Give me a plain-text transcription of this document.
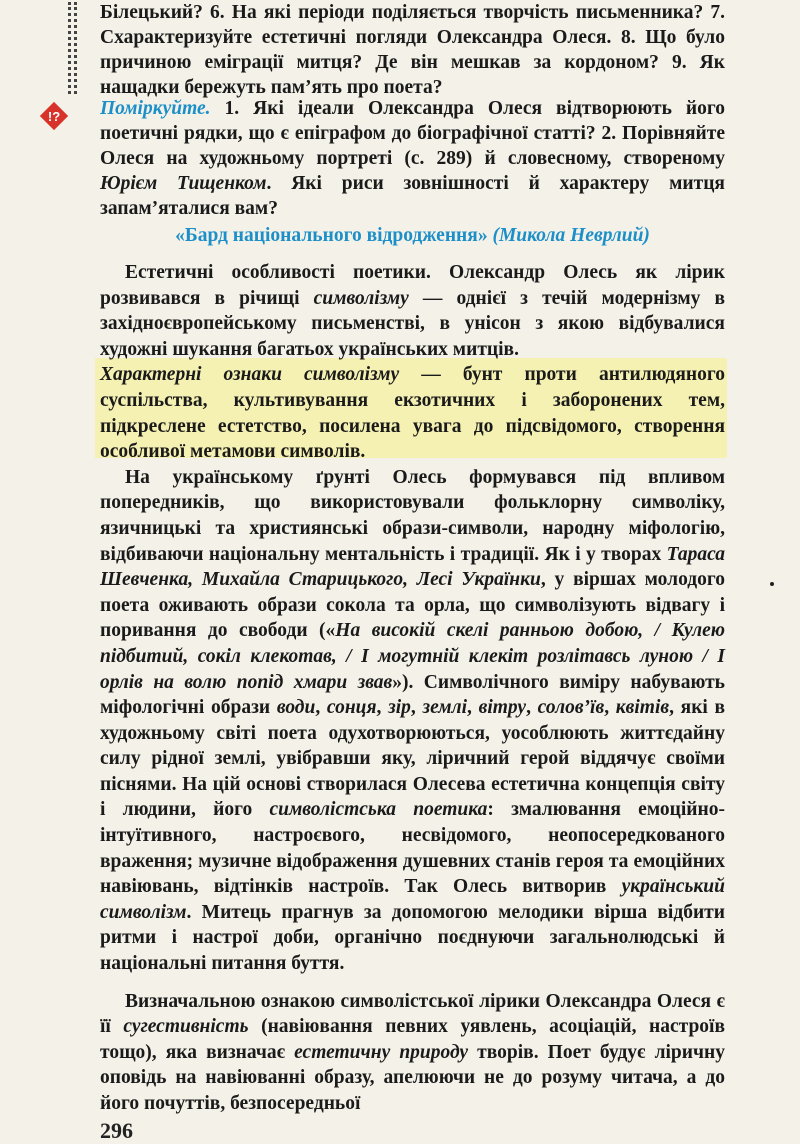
Білецький? 6. На які періоди поділяється творчість письменника? 7. Схарактеризуйте естетичні погляди Олександра Олеся. 8. Що було причиною еміграції митця? Де він мешкав за кордоном? 9. Як нащадки бережуть пам’ять про поета?
!? Поміркуйте. 1. Які ідеали Олександра Олеся відтворюють його поетичні рядки, що є епіграфом до біографічної статті? 2. Порівняйте Олеся на художньому портреті (с. 289) й словесному, створеному Юрієм Тищенком. Які риси зовнішності й характеру митця запам’яталися вам?
«Бард національного відродження» (Микола Неврлий)

Естетичні особливості поетики. Олександр Олесь як лірик розвивався в річищі символізму — однієї з течій модернізму в західноєвропейському письменстві, в унісон з якою відбувалися художні шукання багатьох українських митців.

Характерні ознаки символізму — бунт проти антилюдяного суспільства, культивування екзотичних і заборонених тем, підкреслене естетство, посилена увага до підсвідомого, створення особливої метамови символів.

На українському ґрунті Олесь формувався під впливом попередників, що використовували фольклорну символіку, язичницькі та християнські образи-символи, народну міфологію, відбиваючи національну ментальність і традиції. Як і у творах Тараса Шевченка, Михайла Старицького, Лесі Українки, у віршах молодого поета оживають образи сокола та орла, що символізують відвагу і поривання до свободи («На високій скелі ранньою добою, / Кулею підбитий, сокіл клекотав, / І могутній клекіт розлітавсь луною / І орлів на волю попід хмари звав»). Символічного виміру набувають міфологічні образи води, сонця, зір, землі, вітру, солов’їв, квітів, які в художньому світі поета одухотворюються, уособлюють життєдайну силу рідної землі, увібравши яку, ліричний герой віддячує своїми піснями. На цій основі створилася Олесева естетична концепція світу і людини, його символістська поетика: змалювання емоційно-інтуїтивного, настроєвого, несвідомого, неопосередкованого враження; музичне відображення душевних станів героя та емоційних навіювань, відтінків настроїв. Так Олесь витворив український символізм. Митець прагнув за допомогою мелодики вірша відбити ритми і настрої доби, органічно поєднуючи загальнолюдські й національні питання буття.

Визначальною ознакою символістської лірики Олександра Олеся є її сугестивність (навіювання певних уявлень, асоціацій, настроїв тощо), яка визначає естетичну природу творів. Поет будує ліричну оповідь на навіюванні образу, апелюючи не до розуму читача, а до його почуттів, безпосередньої

296
